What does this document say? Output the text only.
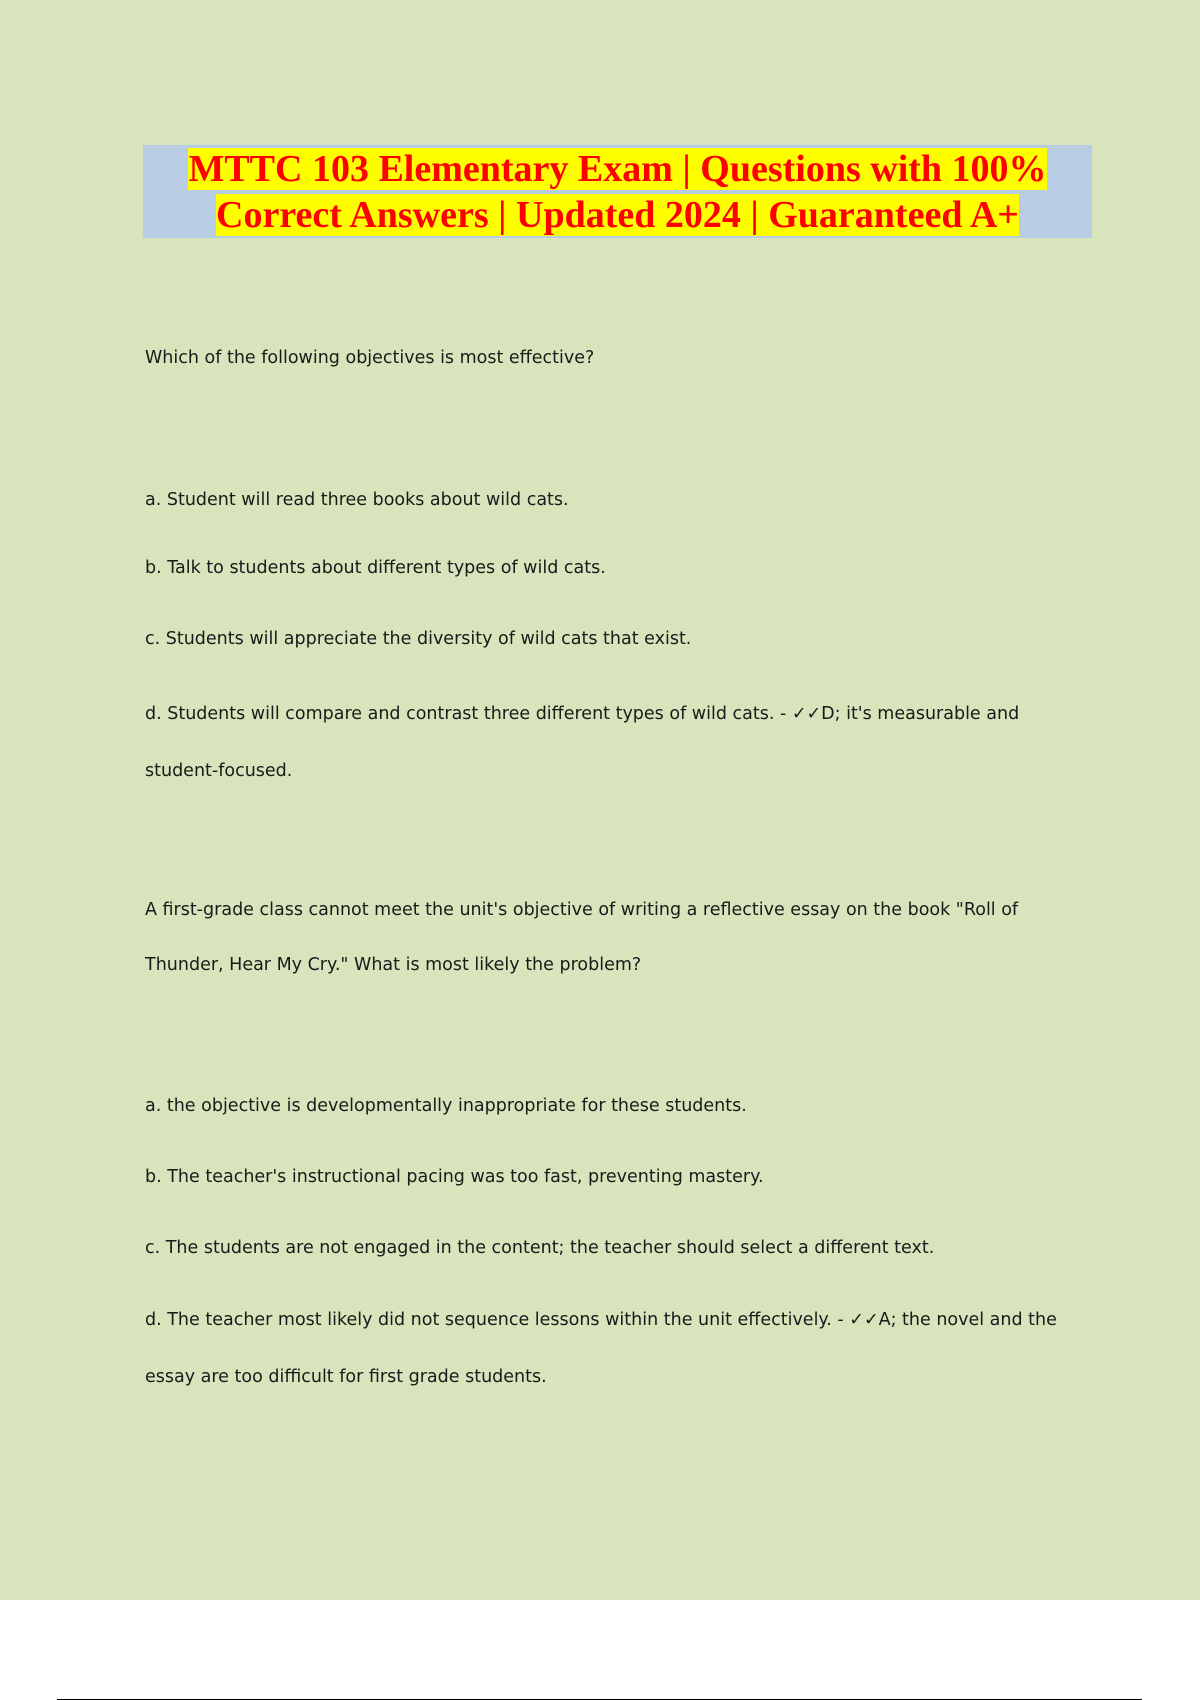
MTTC 103 Elementary Exam | Questions with 100%
Correct Answers | Updated 2024 | Guaranteed A+

Which of the following objectives is most effective?

a. Student will read three books about wild cats.

b. Talk to students about different types of wild cats.

c. Students will appreciate the diversity of wild cats that exist.

d. Students will compare and contrast three different types of wild cats. - ✓✓D; it's measurable and

student-focused.

A first-grade class cannot meet the unit's objective of writing a reflective essay on the book "Roll of

Thunder, Hear My Cry." What is most likely the problem?

a. the objective is developmentally inappropriate for these students.

b. The teacher's instructional pacing was too fast, preventing mastery.

c. The students are not engaged in the content; the teacher should select a different text.

d. The teacher most likely did not sequence lessons within the unit effectively. - ✓✓A; the novel and the

essay are too difficult for first grade students.
